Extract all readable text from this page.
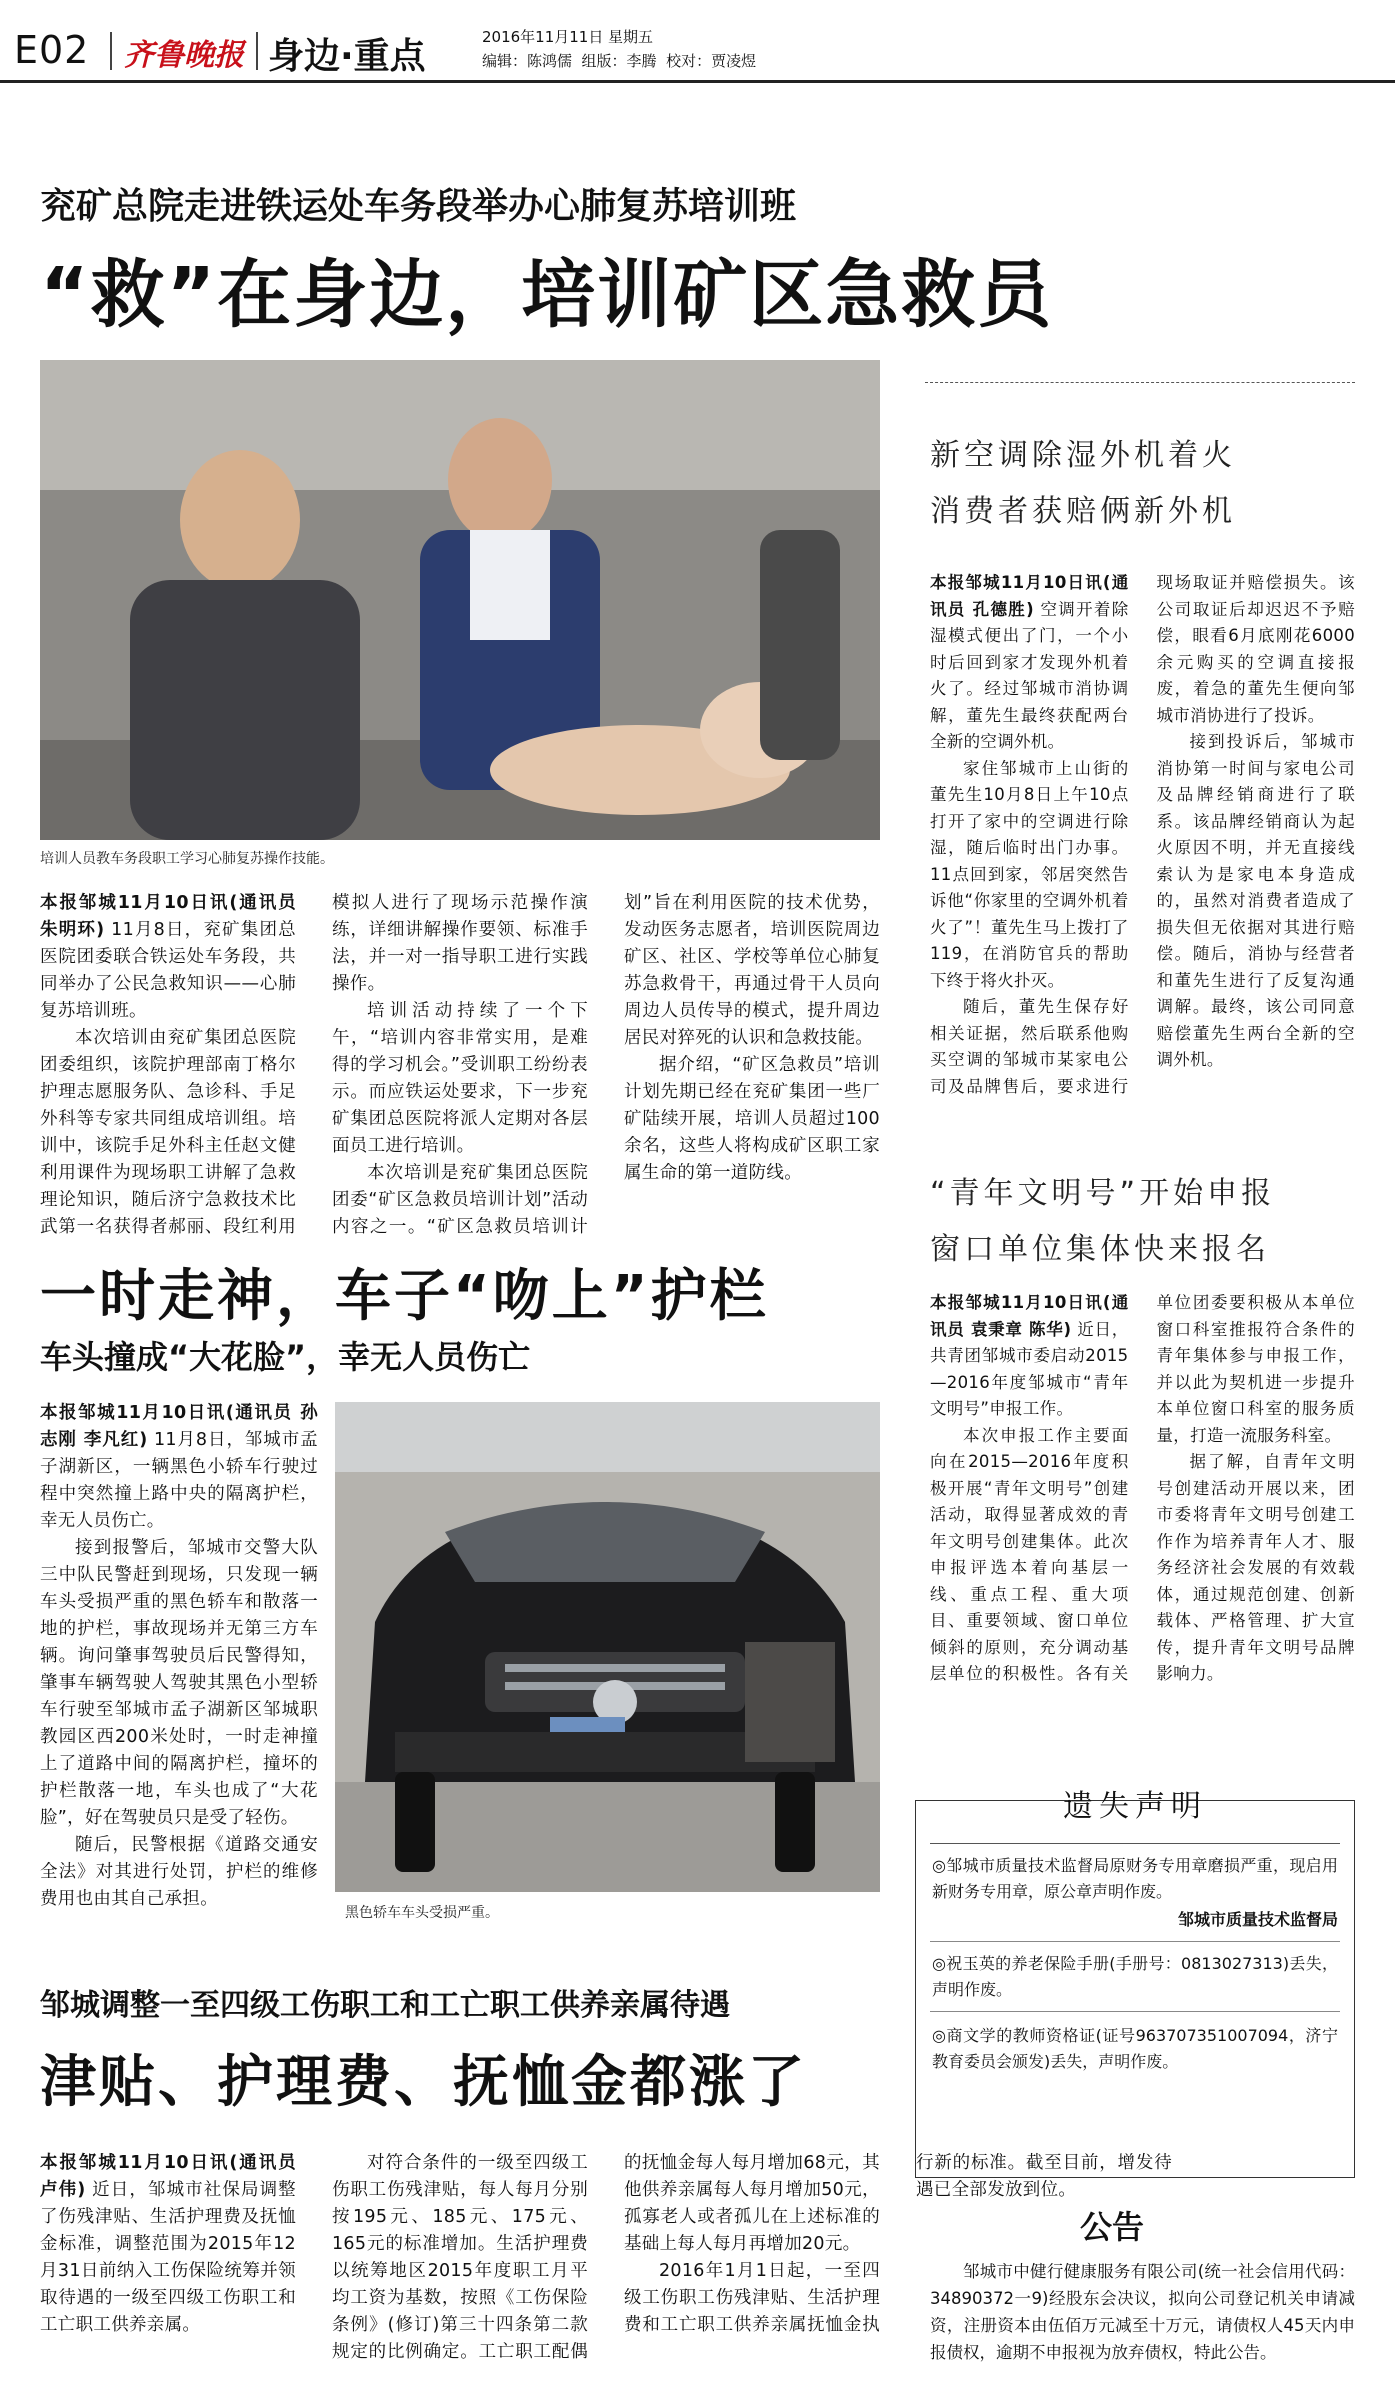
E02 齐鲁晚报 身边·重点	2016年11月11日 星期五
编辑：陈鸿儒  组版：李腾  校对：贾凌煜
兖矿总院走进铁运处车务段举办心肺复苏培训班
“救”在身边，培训矿区急救员
培训人员教车务段职工学习心肺复苏操作技能。

本报邹城11月10日讯(通讯员 朱明环) 11月8日，兖矿集团总医院团委联合铁运处车务段，共同举办了公民急救知识——心肺复苏培训班。

本次培训由兖矿集团总医院团委组织，该院护理部南丁格尔护理志愿服务队、急诊科、手足外科等专家共同组成培训组。培训中，该院手足外科主任赵文健利用课件为现场职工讲解了急救理论知识，随后济宁急救技术比武第一名获得者郝丽、段红利用模拟人进行了现场示范操作演练，详细讲解操作要领、标准手法，并一对一指导职工进行实践操作。

培训活动持续了一个下午，“培训内容非常实用，是难得的学习机会。”受训职工纷纷表示。而应铁运处要求，下一步兖矿集团总医院将派人定期对各层面员工进行培训。

本次培训是兖矿集团总医院团委“矿区急救员培训计划”活动内容之一。“矿区急救员培训计划”旨在利用医院的技术优势，发动医务志愿者，培训医院周边矿区、社区、学校等单位心肺复苏急救骨干，再通过骨干人员向周边人员传导的模式，提升周边居民对猝死的认识和急救技能。

据介绍，“矿区急救员”培训计划先期已经在兖矿集团一些厂矿陆续开展，培训人员超过100余名，这些人将构成矿区职工家属生命的第一道防线。

新空调除湿外机着火
消费者获赔俩新外机

本报邹城11月10日讯(通讯员 孔德胜) 空调开着除湿模式便出了门，一个小时后回到家才发现外机着火了。经过邹城市消协调解，董先生最终获配两台全新的空调外机。

家住邹城市上山街的董先生10月8日上午10点打开了家中的空调进行除湿，随后临时出门办事。11点回到家，邻居突然告诉他“你家里的空调外机着火了”！董先生马上拨打了119，在消防官兵的帮助下终于将火扑灭。

随后，董先生保存好相关证据，然后联系他购买空调的邹城市某家电公司及品牌售后，要求进行现场取证并赔偿损失。该公司取证后却迟迟不予赔偿，眼看6月底刚花6000余元购买的空调直接报废，着急的董先生便向邹城市消协进行了投诉。

接到投诉后，邹城市消协第一时间与家电公司及品牌经销商进行了联系。该品牌经销商认为起火原因不明，并无直接线索认为是家电本身造成的，虽然对消费者造成了损失但无依据对其进行赔偿。随后，消协与经营者和董先生进行了反复沟通调解。最终，该公司同意赔偿董先生两台全新的空调外机。

一时走神，车子“吻上”护栏
车头撞成“大花脸”，幸无人员伤亡

本报邹城11月10日讯(通讯员 孙志刚 李凡红) 11月8日，邹城市孟子湖新区，一辆黑色小轿车行驶过程中突然撞上路中央的隔离护栏，幸无人员伤亡。

接到报警后，邹城市交警大队三中队民警赶到现场，只发现一辆车头受损严重的黑色轿车和散落一地的护栏，事故现场并无第三方车辆。询问肇事驾驶员后民警得知，肇事车辆驾驶人驾驶其黑色小型轿车行驶至邹城市孟子湖新区邹城职教园区西200米处时，一时走神撞上了道路中间的隔离护栏，撞坏的护栏散落一地，车头也成了“大花脸”，好在驾驶员只是受了轻伤。

随后，民警根据《道路交通安全法》对其进行处罚，护栏的维修费用也由其自己承担。

黑色轿车车头受损严重。
“青年文明号”开始申报
窗口单位集体快来报名

本报邹城11月10日讯(通讯员 袁秉章 陈华) 近日，共青团邹城市委启动2015—2016年度邹城市“青年文明号”申报工作。

本次申报工作主要面向在2015—2016年度积极开展“青年文明号”创建活动，取得显著成效的青年文明号创建集体。此次申报评选本着向基层一线、重点工程、重大项目、重要领域、窗口单位倾斜的原则，充分调动基层单位的积极性。各有关单位团委要积极从本单位窗口科室推报符合条件的青年集体参与申报工作，并以此为契机进一步提升本单位窗口科室的服务质量，打造一流服务科室。

据了解，自青年文明号创建活动开展以来，团市委将青年文明号创建工作作为培养青年人才、服务经济社会发展的有效载体，通过规范创建、创新载体、严格管理、扩大宣传，提升青年文明号品牌影响力。

遗失声明
◎邹城市质量技术监督局原财务专用章磨损严重，现启用新财务专用章，原公章声明作废。
邹城市质量技术监督局
◎祝玉英的养老保险手册(手册号：0813027313)丢失，声明作废。
◎商文学的教师资格证(证号963707351007094，济宁教育委员会颁发)丢失，声明作废。
邹城调整一至四级工伤职工和工亡职工供养亲属待遇
津贴、护理费、抚恤金都涨了

本报邹城11月10日讯(通讯员 卢伟) 近日，邹城市社保局调整了伤残津贴、生活护理费及抚恤金标准，调整范围为2015年12月31日前纳入工伤保险统筹并领取待遇的一级至四级工伤职工和工亡职工供养亲属。

对符合条件的一级至四级工伤职工伤残津贴，每人每月分别按195元、185元、175元、165元的标准增加。生活护理费以统筹地区2015年度职工月平均工资为基数，按照《工伤保险条例》(修订)第三十四条第二款规定的比例确定。工亡职工配偶的抚恤金每人每月增加68元，其他供养亲属每人每月增加50元，孤寡老人或者孤儿在上述标准的基础上每人每月再增加20元。

2016年1月1日起，一至四级工伤职工伤残津贴、生活护理费和工亡职工供养亲属抚恤金执行新的标准。截至目前，增发待遇已全部发放到位。

公告
邹城市中健行健康服务有限公司(统一社会信用代码：34890372一9)经股东会决议，拟向公司登记机关申请减资，注册资本由伍佰万元减至十万元，请债权人45天内申报债权，逾期不申报视为放弃债权，特此公告。
